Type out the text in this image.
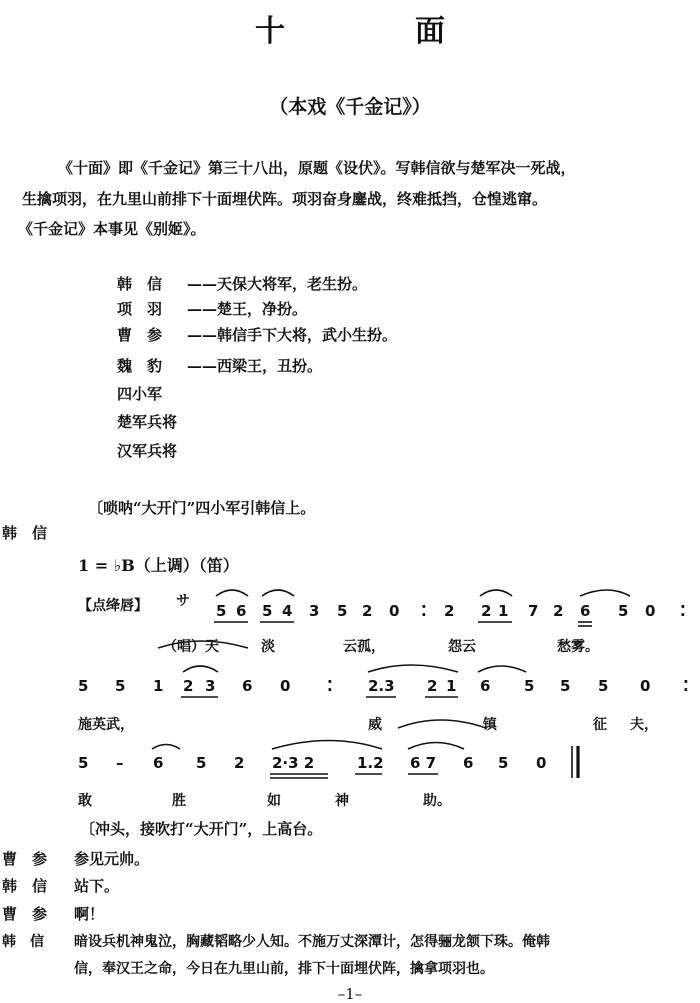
十　面
（本戏《千金记》）
《十面》即《千金记》第三十八出，原题《设伏》。写韩信欲与楚军决一死战，
生擒项羽，在九里山前排下十面埋伏阵。项羽奋身鏖战，终难抵挡，仓惶逃窜。
《千金记》本事见《别姬》。
韩　信 ——天保大将军，老生扮。
项　羽 ——楚王，净扮。
曹　参 ——韩信手下大将，武小生扮。
魏　豹 ——西梁王，丑扮。
四小军
楚军兵将
汉军兵将
〔唢呐“大开门”四小军引韩信上。
韩　信
1 = ♭B（上调）（笛）
【点绛唇】 サ
5 6 5 4 3 5 2 0 ⁚ 2 2 1 7 2 6 5 0 ⁚
（唱）天	淡	云孤，	怨云	愁雾。
5 5 1 2 3 6 0 ⁚ 2.3 2 1 6 5 5 5 0 ⁚
施英武，	威	镇	征 夫，
5 – 6 5 2 2·3 2	1.2 6 7 6 5 0
敢	胜	如	神	助。
〔冲头，接吹打“大开门”，上高台。
曹　参 参见元帅。
韩　信 站下。
曹　参 啊！
韩　信 暗设兵机神鬼泣，胸藏韬略少人知。不施万丈深潭计，怎得骊龙颔下珠。俺韩
信，奉汉王之命，今日在九里山前，排下十面埋伏阵，擒拿项羽也。
–1–
